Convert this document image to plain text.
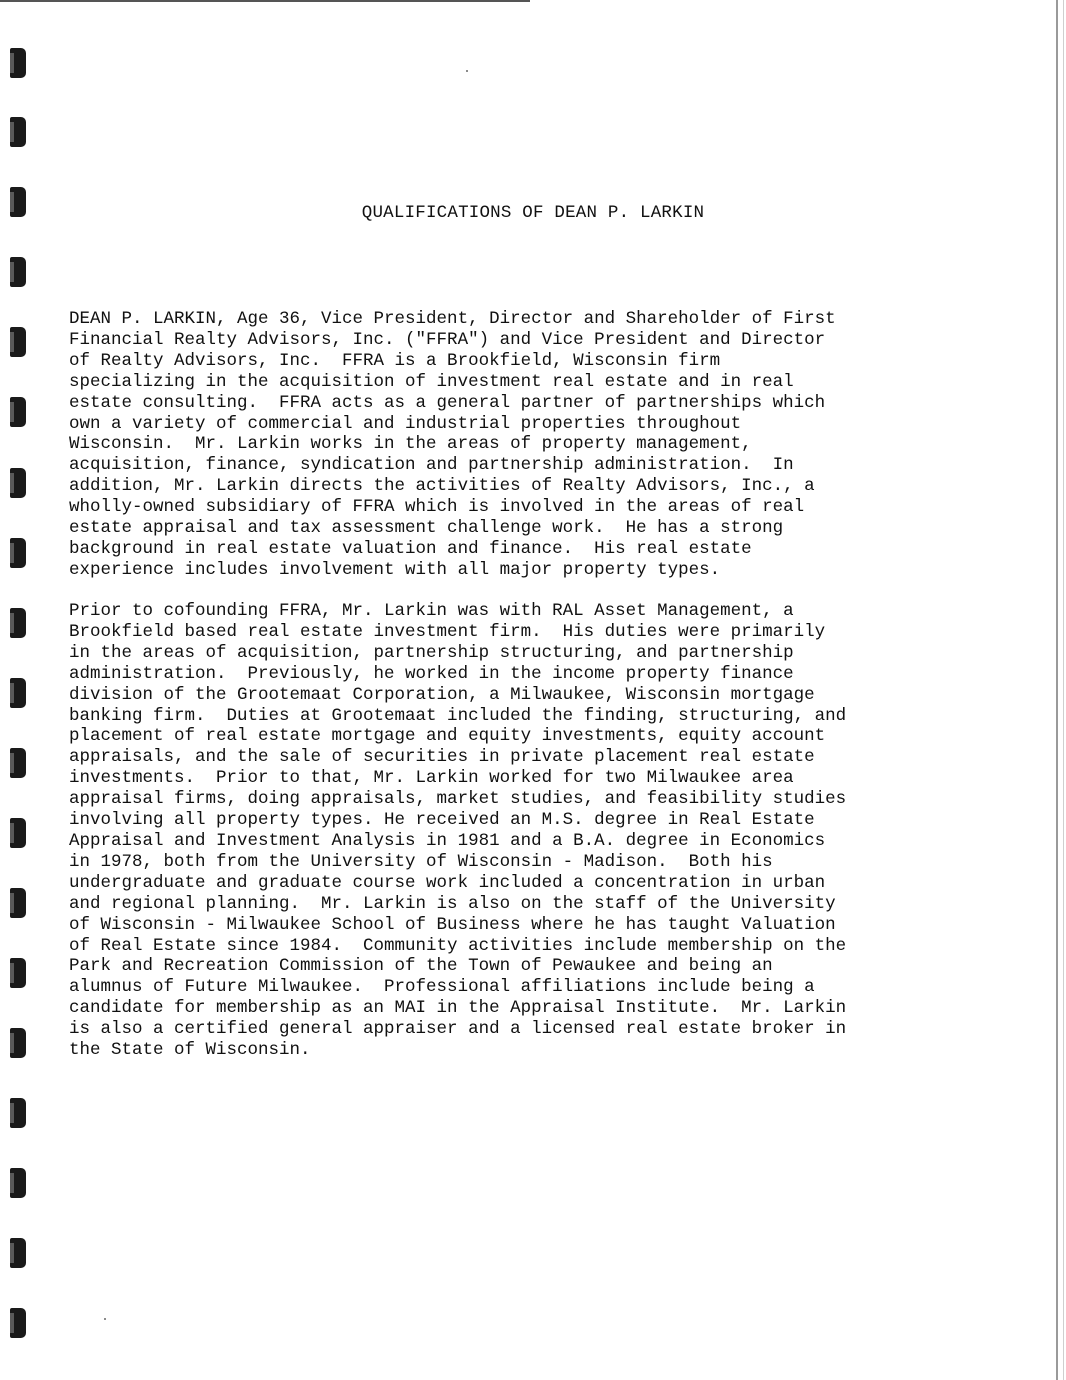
QUALIFICATIONS OF DEAN P. LARKIN

DEAN P. LARKIN, Age 36, Vice President, Director and Shareholder of First
Financial Realty Advisors, Inc. ("FFRA") and Vice President and Director
of Realty Advisors, Inc.  FFRA is a Brookfield, Wisconsin firm
specializing in the acquisition of investment real estate and in real
estate consulting.  FFRA acts as a general partner of partnerships which
own a variety of commercial and industrial properties throughout
Wisconsin.  Mr. Larkin works in the areas of property management,
acquisition, finance, syndication and partnership administration.  In
addition, Mr. Larkin directs the activities of Realty Advisors, Inc., a
wholly-owned subsidiary of FFRA which is involved in the areas of real
estate appraisal and tax assessment challenge work.  He has a strong
background in real estate valuation and finance.  His real estate
experience includes involvement with all major property types.

Prior to cofounding FFRA, Mr. Larkin was with RAL Asset Management, a
Brookfield based real estate investment firm.  His duties were primarily
in the areas of acquisition, partnership structuring, and partnership
administration.  Previously, he worked in the income property finance
division of the Grootemaat Corporation, a Milwaukee, Wisconsin mortgage
banking firm.  Duties at Grootemaat included the finding, structuring, and
placement of real estate mortgage and equity investments, equity account
appraisals, and the sale of securities in private placement real estate
investments.  Prior to that, Mr. Larkin worked for two Milwaukee area
appraisal firms, doing appraisals, market studies, and feasibility studies
involving all property types. He received an M.S. degree in Real Estate
Appraisal and Investment Analysis in 1981 and a B.A. degree in Economics
in 1978, both from the University of Wisconsin - Madison.  Both his
undergraduate and graduate course work included a concentration in urban
and regional planning.  Mr. Larkin is also on the staff of the University
of Wisconsin - Milwaukee School of Business where he has taught Valuation
of Real Estate since 1984.  Community activities include membership on the
Park and Recreation Commission of the Town of Pewaukee and being an
alumnus of Future Milwaukee.  Professional affiliations include being a
candidate for membership as an MAI in the Appraisal Institute.  Mr. Larkin
is also a certified general appraiser and a licensed real estate broker in
the State of Wisconsin.
